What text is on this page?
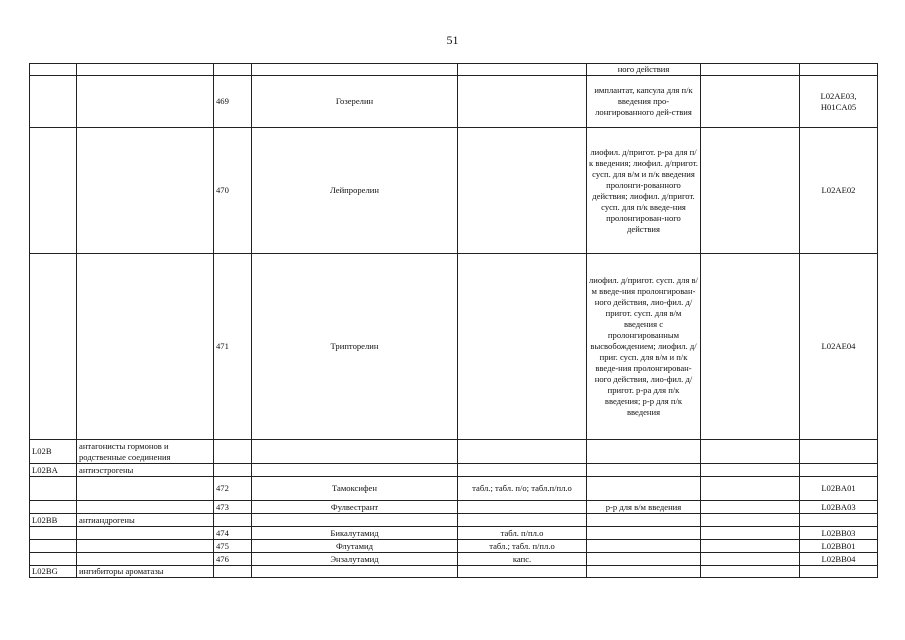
51
					ного действия		
		469	Гозерелин		имплантат, капсула для п/к введения про-лонгированного дей-ствия		L02AE03, H01CA05
		470	Лейпрорелин		лиофил. д/пригот. р-ра для п/к введения; лиофил. д/пригот. сусп. для в/м и п/к введения пролонги-рованного действия; лиофил. д/пригот. сусп. для п/к введе-ния пролонгирован-ного действия		L02AE02
		471	Трипторелин		лиофил. д/пригот. сусп. для в/м введе-ния пролонгирован-ного действия, лио-фил. д/пригот. сусп. для в/м введения с пролонгированным высвобождением; лиофил. д/приг. сусп. для в/м и п/к введе-ния пролонгирован-ного действия, лио-фил. д/пригот. р-ра для п/к введения; р-р для п/к введения		L02AE04
L02B	антагонисты гормонов и родственные соединения						
L02BA	антиэстрогены						
		472	Тамоксифен	табл.; табл. п/о; табл.п/пл.о			L02BA01
		473	Фулвестрант		р-р для в/м введения		L02BA03
L02BB	антиандрогены						
		474	Бикалутамид	табл. п/пл.о			L02BB03
		475	Флутамид	табл.; табл. п/пл.о			L02BB01
		476	Энзалутамид	капс.			L02BB04
L02BG	ингибиторы ароматазы						
